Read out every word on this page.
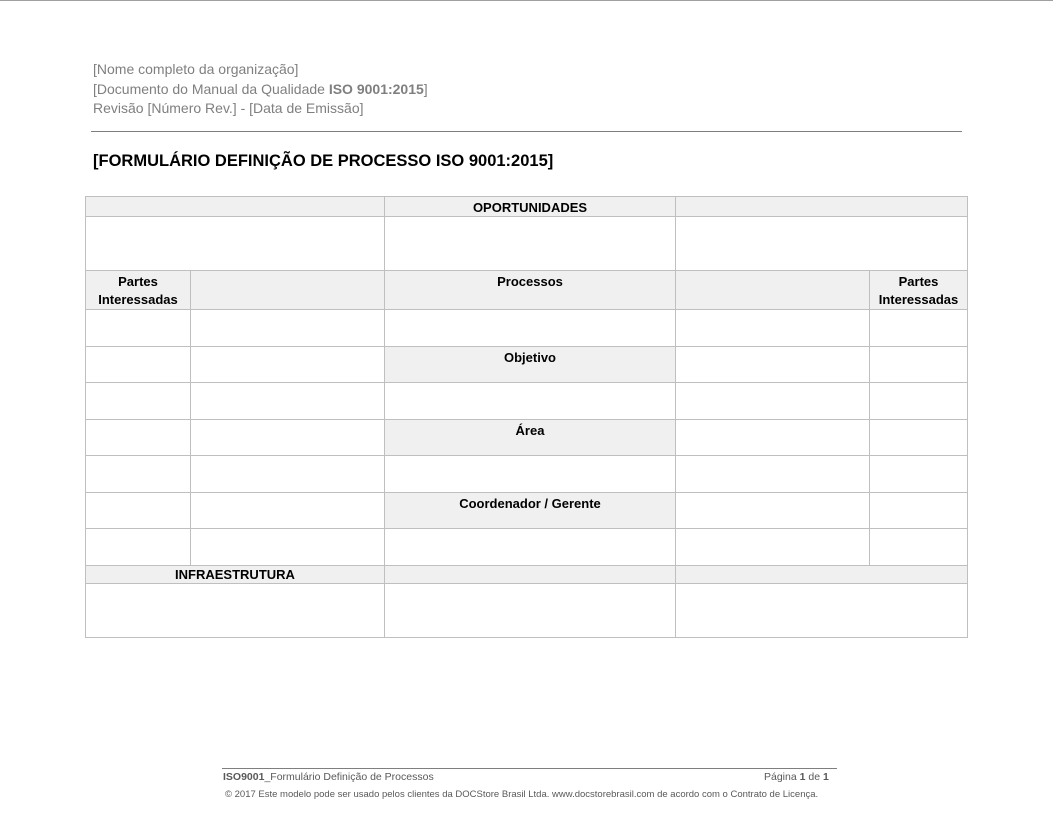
[Nome completo da organização]
[Documento do Manual da Qualidade ISO 9001:2015]
Revisão [Número Rev.] - [Data de Emissão]
[FORMULÁRIO DEFINIÇÃO DE PROCESSO ISO 9001:2015]

		OPORTUNIDADES		

Partes Interessadas		Processos		Partes Interessadas

		Objetivo		

		Área		

		Coordenador / Gerente		

INFRAESTRUTURA				

ISO9001_Formulário Definição de Processos	Página 1 de 1
© 2017 Este modelo pode ser usado pelos clientes da DOCStore Brasil Ltda. www.docstorebrasil.com de acordo com o Contrato de Licença.
